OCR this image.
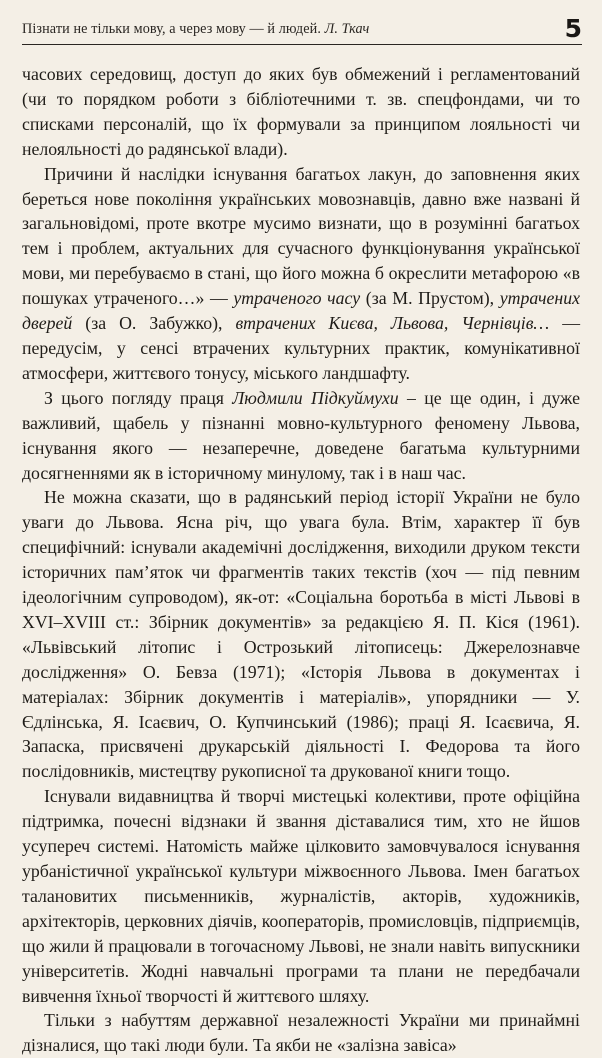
Пізнати не тільки мову, а через мову — й людей. Л. Ткач	5

часових середовищ, доступ до яких був обмежений і регламентований (чи то порядком роботи з бібліотечними т. зв. спецфондами, чи то списками персоналій, що їх формували за принципом лояльності чи нелояльності до радянської влади).

Причини й наслідки існування багатьох лакун, до заповнення яких береться нове покоління українських мовознавців, давно вже названі й загальновідомі, проте вкотре мусимо визнати, що в розумінні багатьох тем і проблем, актуальних для сучасного функціонування української мови, ми перебуваємо в стані, що його можна б окреслити метафорою «в пошуках утраченого…» — утраченого часу (за М. Прустом), утрачених дверей (за О. Забужко), втрачених Києва, Львова, Чернівців… — передусім, у сенсі втрачених культурних практик, комунікативної атмосфери, життєвого тонусу, міського ландшафту.

З цього погляду праця Людмили Підкуймухи – це ще один, і дуже важливий, щабель у пізнанні мовно-культурного феномену Львова, існування якого — незаперечне, доведене багатьма культурними досягненнями як в історичному минулому, так і в наш час.

Не можна сказати, що в радянський період історії України не було уваги до Львова. Ясна річ, що увага була. Втім, характер її був специфічний: існували академічні дослідження, виходили друком тексти історичних пам’яток чи фрагментів таких текстів (хоч — під певним ідеологічним супроводом), як-от: «Соціальна боротьба в місті Львові в XVI–XVIII ст.: Збірник документів» за редакцією Я. П. Кіся (1961). «Львівський літопис і Острозький літописець: Джерелознавче дослідження» О. Бевза (1971); «Історія Львова в документах і матеріалах: Збірник документів і матеріалів», упорядники — У. Єдлінська, Я. Ісаєвич, О. Купчинський (1986); праці Я. Ісаєвича, Я. Запаска, присвячені друкарській діяльності І. Федорова та його послідовників, мистецтву рукописної та друкованої книги тощо.

Існували видавництва й творчі мистецькі колективи, проте офіційна підтримка, почесні відзнаки й звання діставалися тим, хто не йшов усупереч системі. Натомість майже цілковито замовчувалося існування урбаністичної української культури міжвоєнного Львова. Імен багатьох талановитих письменників, журналістів, акторів, художників, архітекторів, церковних діячів, кооператорів, промисловців, підприємців, що жили й працювали в тогочасному Львові, не знали навіть випускники університетів. Жодні навчальні програми та плани не передбачали вивчення їхньої творчості й життєвого шляху.

Тільки з набуттям державної незалежності України ми принаймні дізналися, що такі люди були. Та якби не «залізна завіса»
